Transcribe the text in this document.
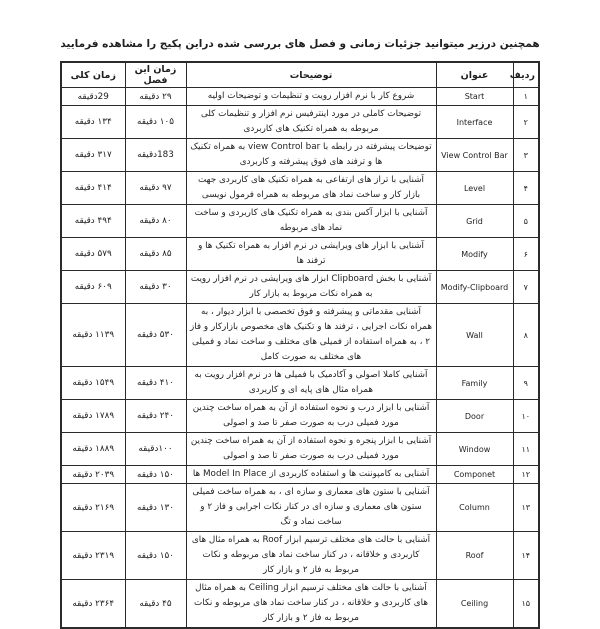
همچنین درزیر میتوانید جزئیات زمانی و فصل های بررسی شده دراین پکیج را مشاهده فرمایید
ردیف	عنوان	توضیحات	زمان این فصل	زمان کلی
۱	Start	شروع کار با نرم افزار رویت و تنظیمات و توضیحات اولیه	۲۹ دقیقه	29دقیقه
۲	Interface	توضیحات کاملی در مورد اینترفیس نرم افزار و تنظیمات کلی مربوطه به همراه تکنیک های کاربردی	۱۰۵ دقیقه	۱۳۴ دقیقه
۳	View Control Bar	توضیحات پیشرفته در رابطه با view Control bar به همراه تکنیک ها و ترفند های فوق پیشرفته و کاربردی	183دقیقه	۳۱۷ دقیقه
۴	Level	آشنایی با تراز های ارتفاعی به همراه تکنیک های کاربردی جهت بازار کار و ساخت نماد های مربوطه به همراه فرمول نویسی	۹۷ دقیقه	۴۱۴ دقیقه
۵	Grid	آشنایی با ابزار آکس بندی به همراه تکنیک های کاربردی و ساخت نماد های مربوطه	۸۰ دقیقه	۴۹۴ دقیقه
۶	Modify	آشنایی با ابزار های ویرایشی در نرم افزار به همراه تکنیک ها و ترفند ها	۸۵ دقیقه	۵۷۹ دقیقه
۷	Modify-Clipboard	آشنایی با بخش Clipboard ابزار های ویرایشی در نرم افزار رویت به همراه نکات مربوط به بازار کار	۳۰ دقیقه	۶۰۹ دقیقه
۸	Wall	آشنایی مقدماتی و پیشرفته و فوق تخصصی با ابزار دیوار ، به همراه نکات اجرایی ، ترفند ها و تکنیک های مخصوص بازارکار و فاز ۲ ، به همراه استفاده از فمیلی های مختلف و ساخت نماد و فمیلی های مختلف به صورت کامل	۵۳۰ دقیقه	۱۱۳۹ دقیقه
۹	Family	آشنایی کاملا اصولی و آکادمیک با فمیلی ها در نرم افزار رویت به همراه مثال های پایه ای و کاربردی	۴۱۰ دقیقه	۱۵۴۹ دقیقه
۱۰	Door	آشنایی با ابزار درب و نحوه استفاده از آن به همراه ساخت چندین مورد فمیلی درب به صورت صفر تا صد و اصولی	۲۴۰ دقیقه	۱۷۸۹ دقیقه
۱۱	Window	آشنایی با ابزار پنجره و نحوه استفاده از آن به همراه ساخت چندین مورد فمیلی درب به صورت صفر تا صد و اصولی	۱۰۰دقیقه	۱۸۸۹ دقیقه
۱۲	Componet	آشنایی به کامپوننت ها و استفاده کاربردی از Model In Place ها	۱۵۰ دقیقه	۲۰۳۹ دقیقه
۱۳	Column	آشنایی با ستون های معماری و سازه ای ، به همراه ساخت فمیلی ستون های معماری و سازه ای در کنار نکات اجرایی و فاز ۲ و ساخت نماد و تگ	۱۳۰ دقیقه	۲۱۶۹ دقیقه
۱۴	Roof	آشنایی با حالت های مختلف ترسیم ابزار Roof به همراه مثال های کاربردی و خلاقانه ، در کنار ساخت نماد های مربوطه و نکات مربوط به فاز ۲ و بازار کار	۱۵۰ دقیقه	۲۳۱۹ دقیقه
۱۵	Ceiling	آشنایی با حالت های مختلف ترسیم ابزار Ceiling به همراه مثال های کاربردی و خلاقانه ، در کنار ساخت نماد های مربوطه و نکات مربوط به فاز ۲ و بازار کار	۴۵ دقیقه	۲۳۶۴ دقیقه
